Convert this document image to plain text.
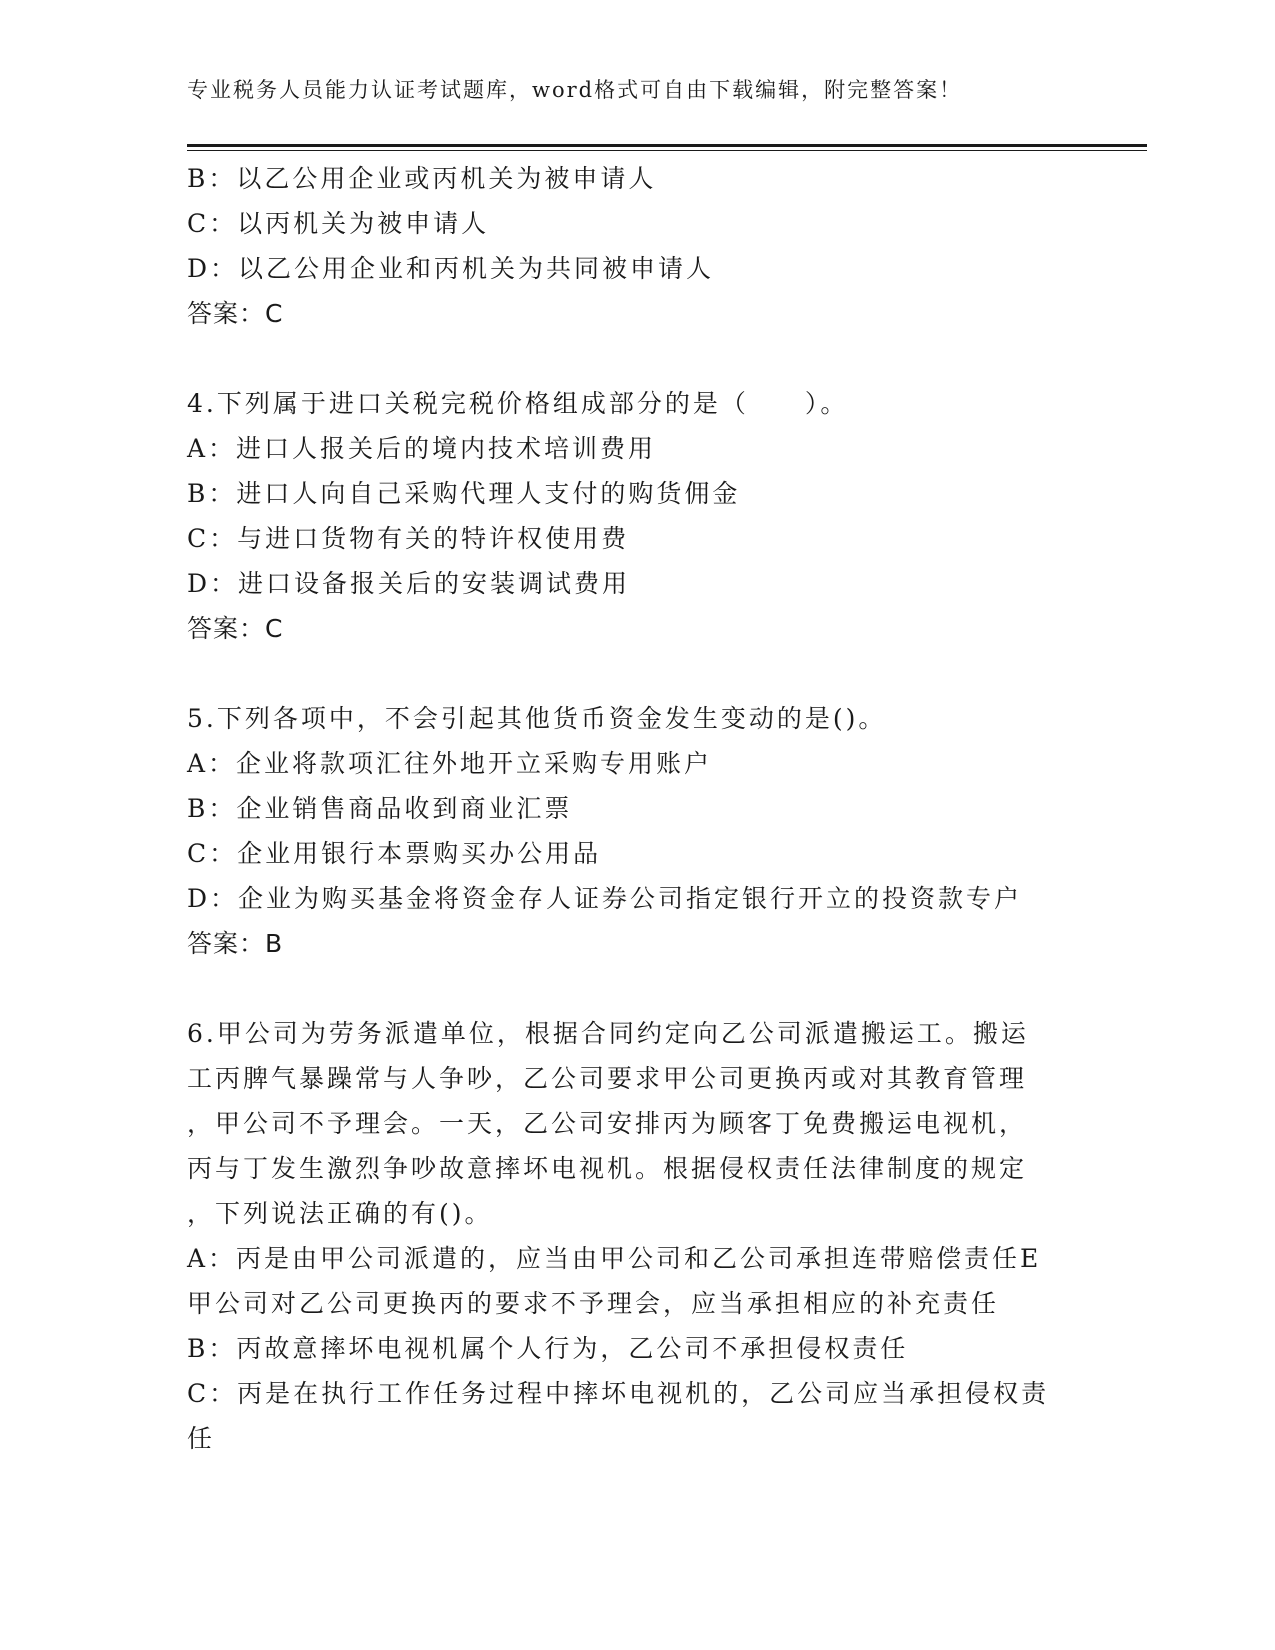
专业税务人员能力认证考试题库，word格式可自由下载编辑，附完整答案！
B：以乙公用企业或丙机关为被申请人
C：以丙机关为被申请人
D：以乙公用企业和丙机关为共同被申请人
答案：C
4.下列属于进口关税完税价格组成部分的是（　　）。
A：进口人报关后的境内技术培训费用
B：进口人向自己采购代理人支付的购货佣金
C：与进口货物有关的特许权使用费
D：进口设备报关后的安装调试费用
答案：C
5.下列各项中，不会引起其他货币资金发生变动的是()。
A：企业将款项汇往外地开立采购专用账户
B：企业销售商品收到商业汇票
C：企业用银行本票购买办公用品
D：企业为购买基金将资金存人证券公司指定银行开立的投资款专户
答案：B
6.甲公司为劳务派遣单位，根据合同约定向乙公司派遣搬运工。搬运
工丙脾气暴躁常与人争吵，乙公司要求甲公司更换丙或对其教育管理
，甲公司不予理会。一天，乙公司安排丙为顾客丁免费搬运电视机，
丙与丁发生激烈争吵故意摔坏电视机。根据侵权责任法律制度的规定
，下列说法正确的有()。
A：丙是由甲公司派遣的，应当由甲公司和乙公司承担连带赔偿责任E
甲公司对乙公司更换丙的要求不予理会，应当承担相应的补充责任
B：丙故意摔坏电视机属个人行为，乙公司不承担侵权责任
C：丙是在执行工作任务过程中摔坏电视机的，乙公司应当承担侵权责
任
